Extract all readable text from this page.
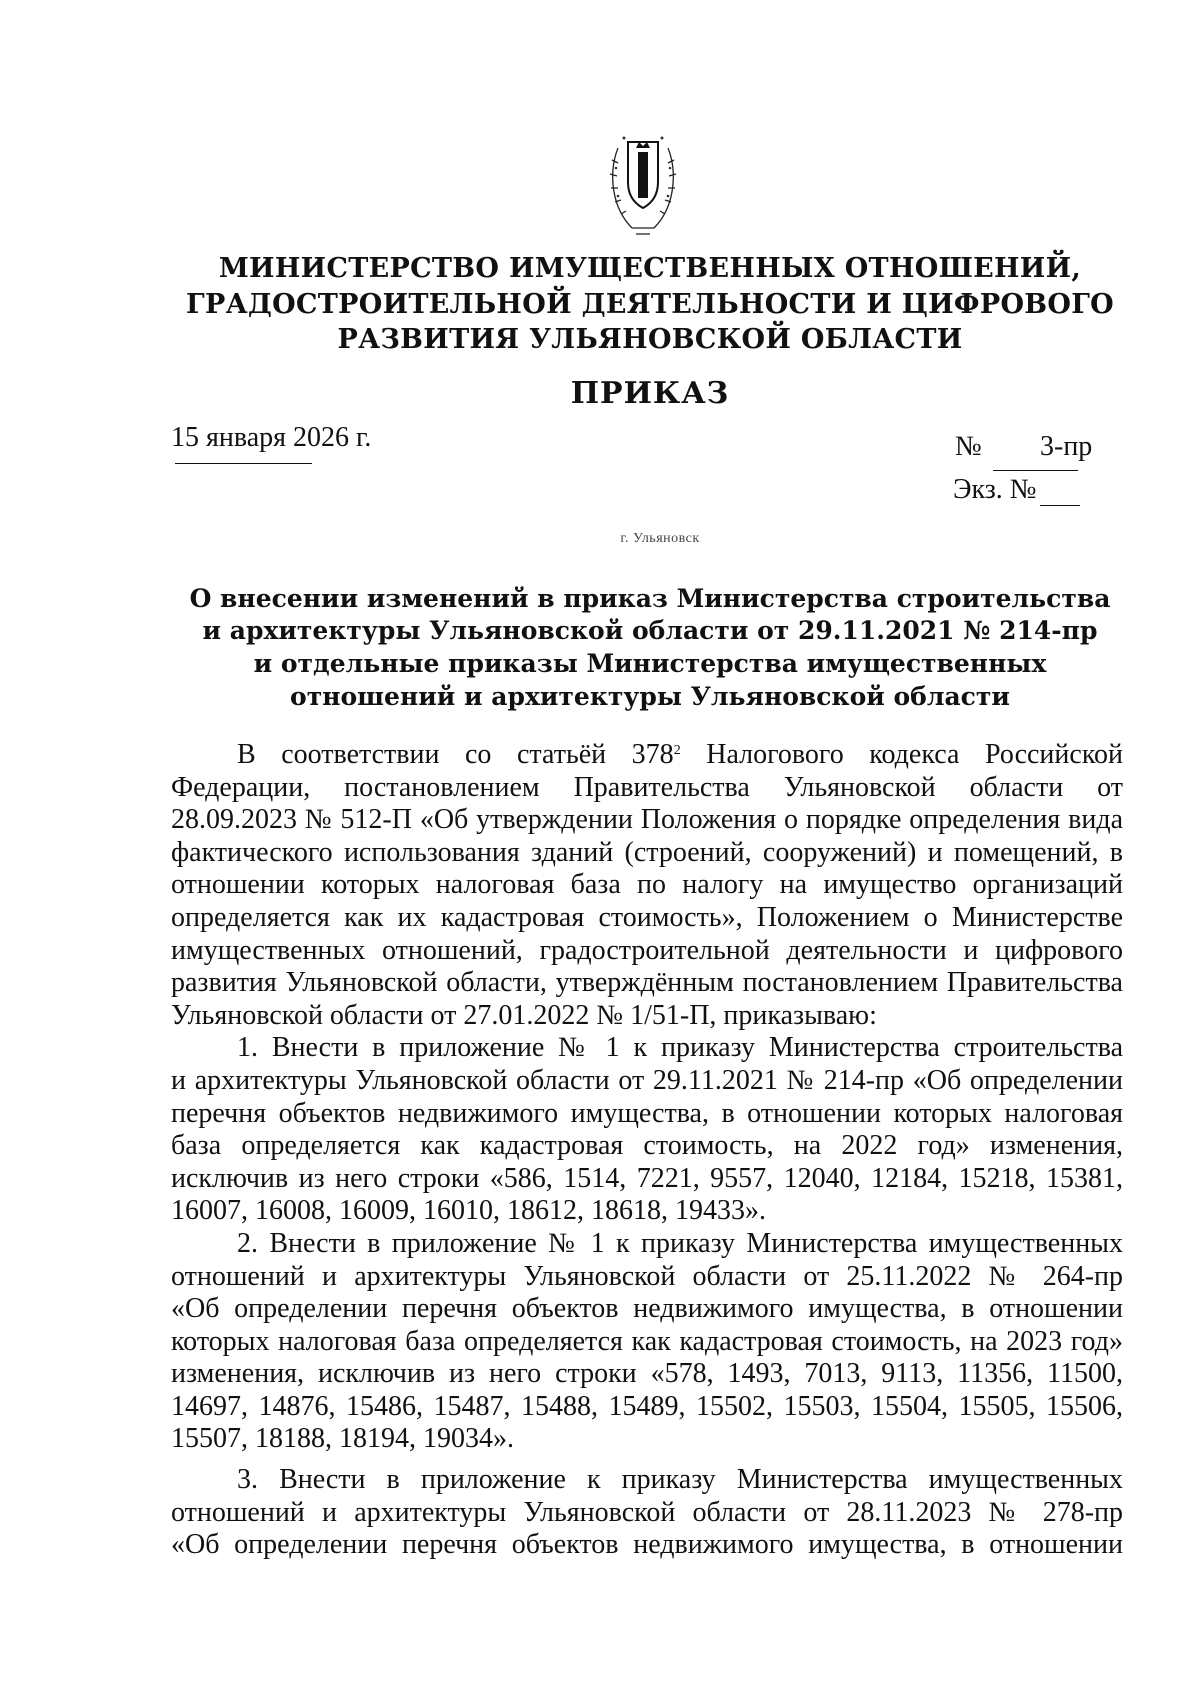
МИНИСТЕРСТВО ИМУЩЕСТВЕННЫХ ОТНОШЕНИЙ,
ГРАДОСТРОИТЕЛЬНОЙ ДЕЯТЕЛЬНОСТИ И ЦИФРОВОГО
РАЗВИТИЯ УЛЬЯНОВСКОЙ ОБЛАСТИ
ПРИКАЗ
15 января 2026 г.	№ 3-пр
Экз. №
г. Ульяновск
О внесении изменений в приказ Министерства строительства
и архитектуры Ульяновской области от 29.11.2021 № 214-пр
и отдельные приказы Министерства имущественных
отношений и архитектуры Ульяновской области

В соответствии со статьёй $378^2$ Налогового кодекса Российской

Федерации, постановлением Правительства Ульяновской области от

28.09.2023 № 512-П «Об утверждении Положения о порядке определения вида

фактического использования зданий (строений, сооружений) и помещений, в

отношении которых налоговая база по налогу на имущество организаций

определяется как их кадастровая стоимость», Положением о Министерстве

имущественных отношений, градостроительной деятельности и цифрового

развития Ульяновской области, утверждённым постановлением Правительства

Ульяновской области от 27.01.2022 № 1/51-П, приказываю:

1. Внести в приложение № 1 к приказу Министерства строительства

и архитектуры Ульяновской области от 29.11.2021 № 214-пр «Об определении

перечня объектов недвижимого имущества, в отношении которых налоговая

база определяется как кадастровая стоимость, на 2022 год» изменения,

исключив из него строки «586, 1514, 7221, 9557, 12040, 12184, 15218, 15381,

16007, 16008, 16009, 16010, 18612, 18618, 19433».

2. Внести в приложение № 1 к приказу Министерства имущественных

отношений и архитектуры Ульяновской области от 25.11.2022 № 264-пр

«Об определении перечня объектов недвижимого имущества, в отношении

которых налоговая база определяется как кадастровая стоимость, на 2023 год»

изменения, исключив из него строки «578, 1493, 7013, 9113, 11356, 11500,

14697, 14876, 15486, 15487, 15488, 15489, 15502, 15503, 15504, 15505, 15506,

15507, 18188, 18194, 19034».

3. Внести в приложение к приказу Министерства имущественных

отношений и архитектуры Ульяновской области от 28.11.2023 № 278-пр

«Об определении перечня объектов недвижимого имущества, в отношении
